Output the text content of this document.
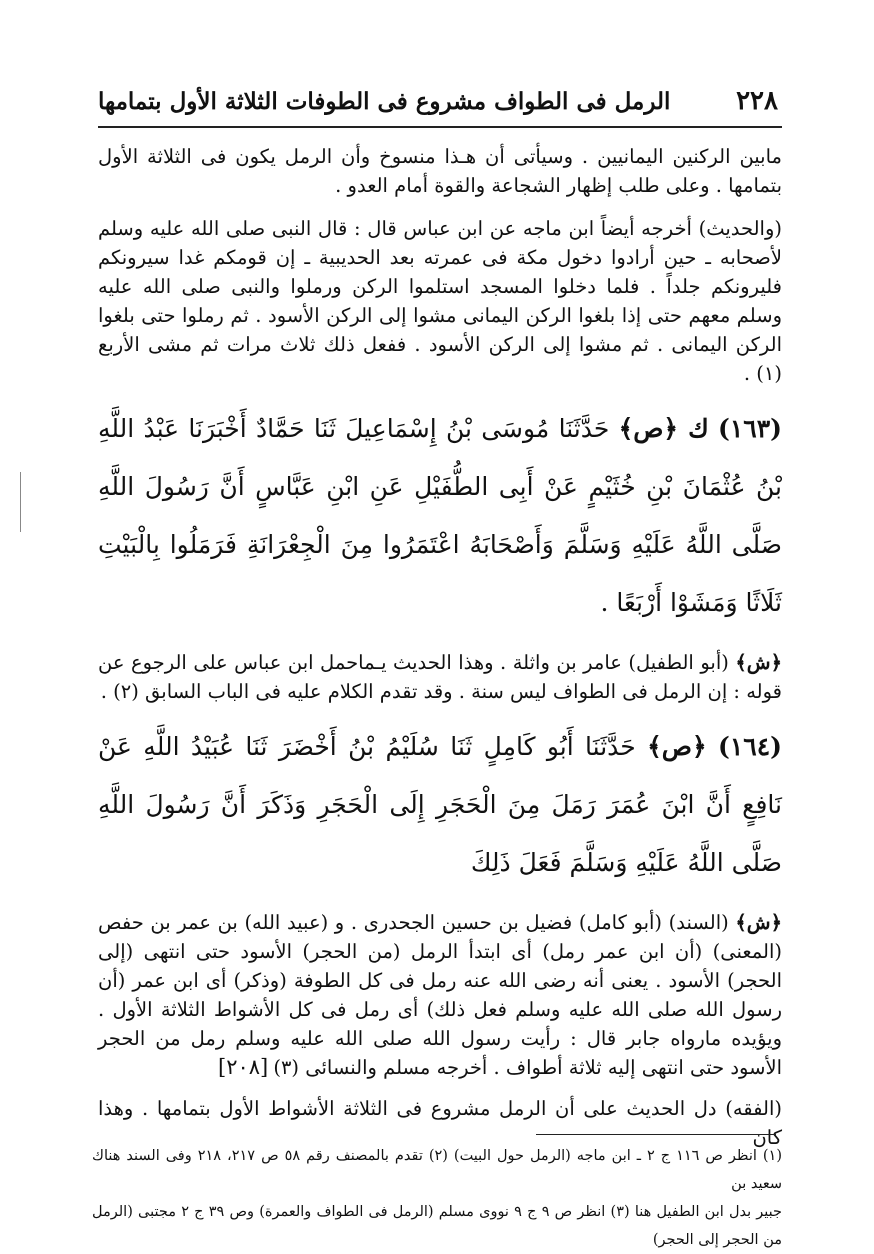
٢٢٨
الرمل فى الطواف مشروع فى الطوفات الثلاثة الأول بتمامها

مابين الركنين اليمانيين . وسيأتى أن هـذا منسوخ وأن الرمل يكون فى الثلاثة الأول بتمامها . وعلى طلب إظهار الشجاعة والقوة أمام العدو .

(والحديث) أخرجه أيضاً ابن ماجه عن ابن عباس قال : قال النبى صلى الله عليه وسلم لأصحابه ـ حين أرادوا دخول مكة فى عمرته بعد الحديبية ـ إن قومكم غدا سيرونكم فليرونكم جلداً . فلما دخلوا المسجد استلموا الركن ورملوا والنبى صلى الله عليه وسلم معهم حتى إذا بلغوا الركن اليمانى مشوا إلى الركن الأسود . ثم رملوا حتى بلغوا الركن اليمانى . ثم مشوا إلى الركن الأسود . ففعل ذلك ثلاث مرات ثم مشى الأربع (١) .

(١٦٣) ك ﴿ص﴾ حَدَّثَنَا مُوسَى بْنُ إِسْمَاعِيلَ ثَنَا حَمَّادٌ أَخْبَرَنَا عَبْدُ اللَّهِ بْنُ عُثْمَانَ بْنِ خُثَيْمٍ عَنْ أَبِى الطُّفَيْلِ عَنِ ابْنِ عَبَّاسٍ أَنَّ رَسُولَ اللَّهِ صَلَّى اللَّهُ عَلَيْهِ وَسَلَّمَ وَأَصْحَابَهُ اعْتَمَرُوا مِنَ الْجِعْرَانَةِ فَرَمَلُوا بِالْبَيْتِ ثَلَاثًا وَمَشَوْا أَرْبَعًا .

﴿ش﴾ (أبو الطفيل) عامر بن واثلة . وهذا الحديث يـماحمل ابن عباس على الرجوع عن قوله : إن الرمل فى الطواف ليس سنة . وقد تقدم الكلام عليه فى الباب السابق (٢) .

(١٦٤) ﴿ص﴾ حَدَّثَنَا أَبُو كَامِلٍ ثَنَا سُلَيْمُ بْنُ أَخْضَرَ ثَنَا عُبَيْدُ اللَّهِ عَنْ نَافِعٍ أَنَّ ابْنَ عُمَرَ رَمَلَ مِنَ الْحَجَرِ إِلَى الْحَجَرِ وَذَكَرَ أَنَّ رَسُولَ اللَّهِ صَلَّى اللَّهُ عَلَيْهِ وَسَلَّمَ فَعَلَ ذَلِكَ

﴿ش﴾ (السند) (أبو كامل) فضيل بن حسين الجحدرى . و (عبيد الله) بن عمر بن حفص (المعنى) (أن ابن عمر رمل) أى ابتدأ الرمل (من الحجر) الأسود حتى انتهى (إلى الحجر) الأسود . يعنى أنه رضى الله عنه رمل فى كل الطوفة (وذكر) أى ابن عمر (أن رسول الله صلى الله عليه وسلم فعل ذلك) أى رمل فى كل الأشواط الثلاثة الأول . ويؤيده مارواه جابر قال : رأيت رسول الله صلى الله عليه وسلم رمل من الحجر الأسود حتى انتهى إليه ثلاثة أطواف . أخرجه مسلم والنسائى (٣)
[٢٠٨]

(الفقه) دل الحديث على أن الرمل مشروع فى الثلاثة الأشواط الأول بتمامها . وهذا كان

(١) انظر ص ١١٦ ج ٢ ـ ابن ماجه (الرمل حول البيت) (٢) تقدم بالمصنف رقم ٥٨ ص ٢١٧، ٢١٨ وفى السند هناك سعيد بن

جبير بدل ابن الطفيل هنا (٣) انظر ص ٩ ج ٩ نووى مسلم (الرمل فى الطواف والعمرة) وص ٣٩ ج ٢ مجتبى (الرمل من الحجر إلى الحجر)
